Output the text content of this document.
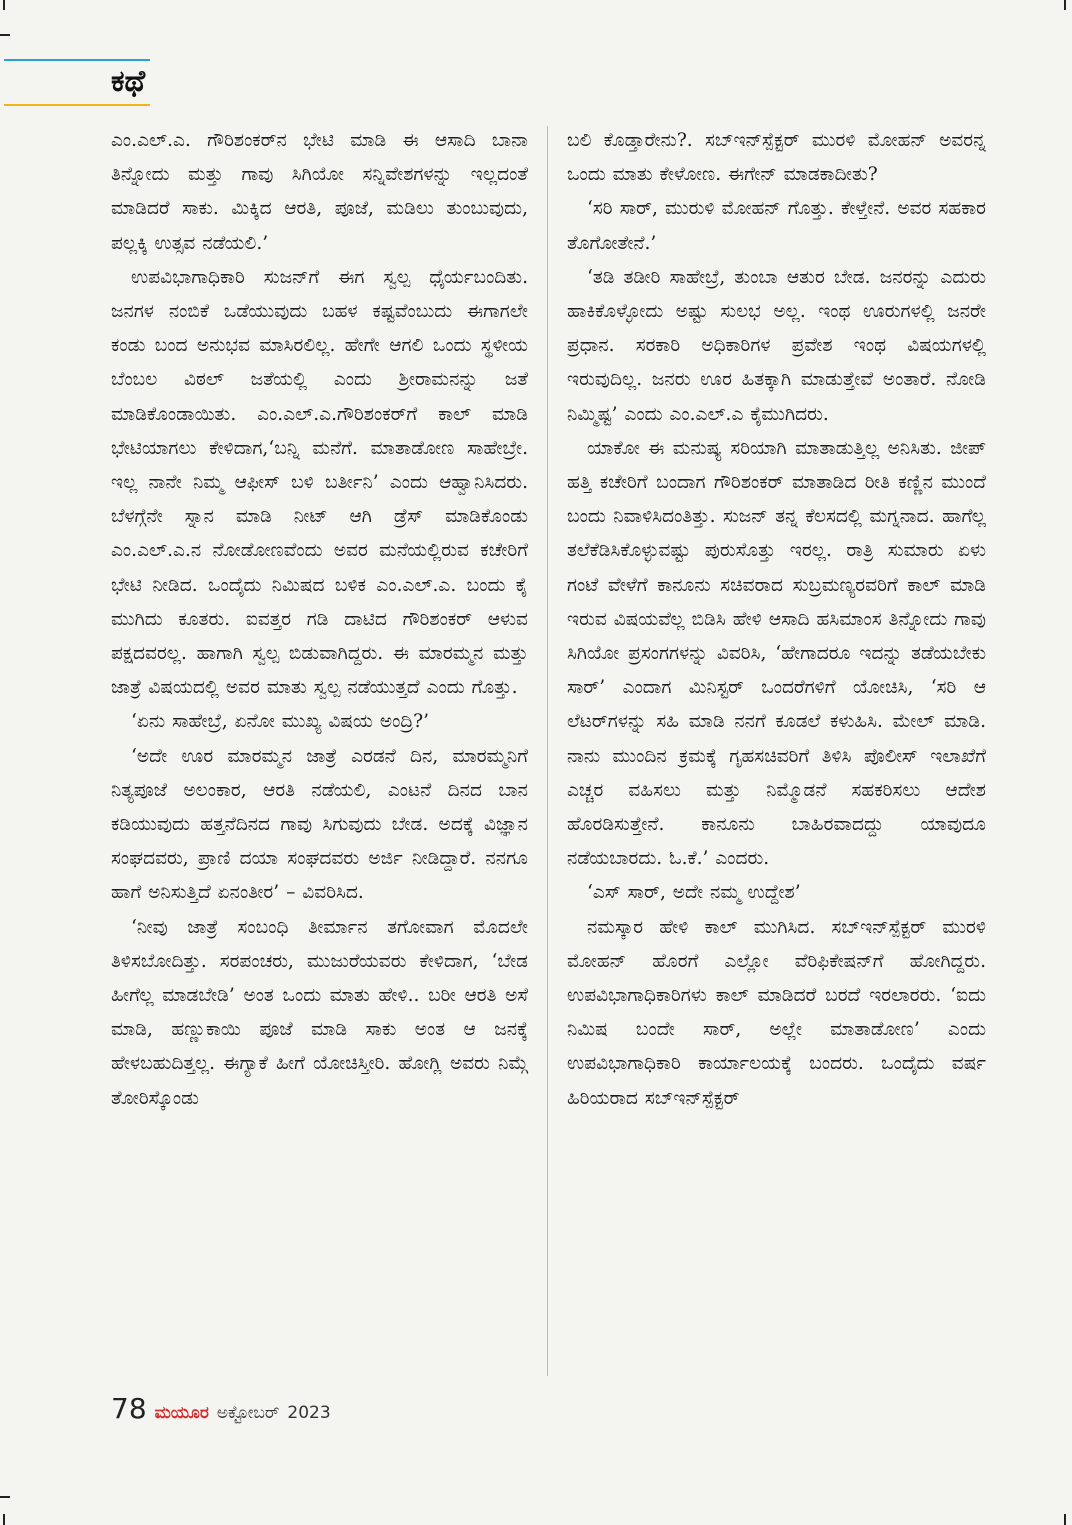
ಕಥೆ

ಎಂ.ಎಲ್.ಎ. ಗೌರಿಶಂಕರ್‌ನ ಭೇಟಿ ಮಾಡಿ ಈ ಆಸಾದಿ ಬಾನಾ ತಿನ್ನೋದು ಮತ್ತು ಗಾವು ಸಿಗಿಯೋ ಸನ್ನಿವೇಶಗಳನ್ನು ಇಲ್ಲದಂತೆ ಮಾಡಿದರೆ ಸಾಕು. ಮಿಕ್ಕಿದ ಆರತಿ, ಪೂಜೆ, ಮಡಿಲು ತುಂಬುವುದು, ಪಲ್ಲಕ್ಕಿ ಉತ್ಸವ ನಡೆಯಲಿ.’

ಉಪವಿಭಾಗಾಧಿಕಾರಿ ಸುಜನ್‌ಗೆ ಈಗ ಸ್ವಲ್ಪ ಧೈರ್ಯಬಂದಿತು. ಜನಗಳ ನಂಬಿಕೆ ಒಡೆಯುವುದು ಬಹಳ ಕಷ್ಟವೆಂಬುದು ಈಗಾಗಲೇ ಕಂಡು ಬಂದ ಅನುಭವ ಮಾಸಿರಲಿಲ್ಲ. ಹೇಗೇ ಆಗಲಿ ಒಂದು ಸ್ಥಳೀಯ ಬೆಂಬಲ ವಿಠಲ್ ಜತೆಯಲ್ಲಿ ಎಂದು ಶ್ರೀರಾಮನನ್ನು ಜತೆ ಮಾಡಿಕೊಂಡಾಯಿತು. ಎಂ.ಎಲ್.ಎ.ಗೌರಿಶಂಕರ್‌ಗೆ ಕಾಲ್ ಮಾಡಿ ಭೇಟಿಯಾಗಲು ಕೇಳಿದಾಗ,‘ಬನ್ನಿ ಮನೆಗೆ. ಮಾತಾಡೋಣ ಸಾಹೇಬ್ರೇ. ಇಲ್ಲ ನಾನೇ ನಿಮ್ಮ ಆಫೀಸ್ ಬಳಿ ಬರ್ತೀನಿ’ ಎಂದು ಆಹ್ವಾನಿಸಿದರು. ಬೆಳಗ್ಗೆನೇ ಸ್ನಾನ ಮಾಡಿ ನೀಟ್ ಆಗಿ ಡ್ರೆಸ್ ಮಾಡಿಕೊಂಡು ಎಂ.ಎಲ್.ಎ.ನ ನೋಡೋಣವೆಂದು ಅವರ ಮನೆಯಲ್ಲಿರುವ ಕಚೇರಿಗೆ ಭೇಟಿ ನೀಡಿದ. ಒಂದೈದು ನಿಮಿಷದ ಬಳಿಕ ಎಂ.ಎಲ್.ಎ. ಬಂದು ಕೈ ಮುಗಿದು ಕೂತರು. ಐವತ್ತರ ಗಡಿ ದಾಟಿದ ಗೌರಿಶಂಕರ್ ಆಳುವ ಪಕ್ಷದವರಲ್ಲ. ಹಾಗಾಗಿ ಸ್ವಲ್ಪ ಬಿಡುವಾಗಿದ್ದರು. ಈ ಮಾರಮ್ಮನ ಮತ್ತು ಜಾತ್ರೆ ವಿಷಯದಲ್ಲಿ ಅವರ ಮಾತು ಸ್ವಲ್ಪ ನಡೆಯುತ್ತದೆ ಎಂದು ಗೊತ್ತು.

‘ಏನು ಸಾಹೇಬ್ರೆ, ಏನೋ ಮುಖ್ಯ ವಿಷಯ ಅಂದ್ರಿ?’

‘ಅದೇ ಊರ ಮಾರಮ್ಮನ ಜಾತ್ರೆ ಎರಡನೆ ದಿನ, ಮಾರಮ್ಮನಿಗೆ ನಿತ್ಯಪೂಜೆ ಅಲಂಕಾರ, ಆರತಿ ನಡೆಯಲಿ, ಎಂಟನೆ ದಿನದ ಬಾನ ಕಡಿಯುವುದು ಹತ್ತನೆದಿನದ ಗಾವು ಸಿಗುವುದು ಬೇಡ. ಅದಕ್ಕೆ ವಿಜ್ಞಾನ ಸಂಘದವರು, ಪ್ರಾಣಿ ದಯಾ ಸಂಘದವರು ಅರ್ಜಿ ನೀಡಿದ್ದಾರೆ. ನನಗೂ ಹಾಗೆ ಅನಿಸುತ್ತಿದೆ ಏನಂತೀರ’ – ವಿವರಿಸಿದ.

‘ನೀವು ಜಾತ್ರೆ ಸಂಬಂಧಿ ತೀರ್ಮಾನ ತಗೋವಾಗ ಮೊದಲೇ ತಿಳಿಸಬೋದಿತ್ತು. ಸರಪಂಚರು, ಮುಜುರೆಯವರು ಕೇಳಿದಾಗ, ‘ಬೇಡ ಹೀಗೆಲ್ಲ ಮಾಡಬೇಡಿ’ ಅಂತ ಒಂದು ಮಾತು ಹೇಳಿ.. ಬರೀ ಆರತಿ ಅಸೆ ಮಾಡಿ, ಹಣ್ಣುಕಾಯಿ ಪೂಜೆ ಮಾಡಿ ಸಾಕು ಅಂತ ಆ ಜನಕ್ಕೆ ಹೇಳಬಹುದಿತ್ತಲ್ಲ. ಈಗ್ಯಾಕೆ ಹೀಗೆ ಯೋಚಿಸ್ತೀರಿ. ಹೋಗ್ಲಿ ಅವರು ನಿಮ್ಗೆ ತೋರಿಸ್ಕೊಂಡು

ಬಲಿ ಕೊಡ್ತಾರೇನು?. ಸಬ್‌ಇನ್‌ಸ್ಪೆಕ್ಟರ್ ಮುರಳಿ ಮೋಹನ್ ಅವರನ್ನ ಒಂದು ಮಾತು ಕೇಳೋಣ. ಈಗೇನ್ ಮಾಡಕಾದೀತು?

‘ಸರಿ ಸಾರ್, ಮುರುಳಿ ಮೋಹನ್ ಗೊತ್ತು. ಕೇಳ್ತೇನೆ. ಅವರ ಸಹಕಾರ ತೊಗೋತೇನೆ.’

‘ತಡಿ ತಡೀರಿ ಸಾಹೇಬ್ರೆ, ತುಂಬಾ ಆತುರ ಬೇಡ. ಜನರನ್ನು ಎದುರು ಹಾಕಿಕೊಳ್ಳೋದು ಅಷ್ಟು ಸುಲಭ ಅಲ್ಲ. ಇಂಥ ಊರುಗಳಲ್ಲಿ ಜನರೇ ಪ್ರಧಾನ. ಸರಕಾರಿ ಅಧಿಕಾರಿಗಳ ಪ್ರವೇಶ ಇಂಥ ವಿಷಯಗಳಲ್ಲಿ ಇರುವುದಿಲ್ಲ. ಜನರು ಊರ ಹಿತಕ್ಕಾಗಿ ಮಾಡುತ್ತೇವೆ ಅಂತಾರೆ. ನೋಡಿ ನಿಮ್ಮಿಷ್ಟ’ ಎಂದು ಎಂ.ಎಲ್.ಎ ಕೈಮುಗಿದರು.

ಯಾಕೋ ಈ ಮನುಷ್ಯ ಸರಿಯಾಗಿ ಮಾತಾಡುತ್ತಿಲ್ಲ ಅನಿಸಿತು. ಜೀಪ್ ಹತ್ತಿ ಕಚೇರಿಗೆ ಬಂದಾಗ ಗೌರಿಶಂಕರ್ ಮಾತಾಡಿದ ರೀತಿ ಕಣ್ಣಿನ ಮುಂದೆ ಬಂದು ನಿವಾಳಿಸಿದಂತಿತ್ತು. ಸುಜನ್ ತನ್ನ ಕೆಲಸದಲ್ಲಿ ಮಗ್ನನಾದ. ಹಾಗೆಲ್ಲ ತಲೆಕೆಡಿಸಿಕೊಳ್ಳುವಷ್ಟು ಪುರುಸೊತ್ತು ಇರಲ್ಲ. ರಾತ್ರಿ ಸುಮಾರು ಏಳು ಗಂಟೆ ವೇಳೆಗೆ ಕಾನೂನು ಸಚಿವರಾದ ಸುಬ್ರಮಣ್ಯರವರಿಗೆ ಕಾಲ್ ಮಾಡಿ ಇರುವ ವಿಷಯವೆಲ್ಲ ಬಿಡಿಸಿ ಹೇಳಿ ಆಸಾದಿ ಹಸಿಮಾಂಸ ತಿನ್ನೋದು ಗಾವು ಸಿಗಿಯೋ ಪ್ರಸಂಗಗಳನ್ನು ವಿವರಿಸಿ, ‘ಹೇಗಾದರೂ ಇದನ್ನು ತಡೆಯಬೇಕು ಸಾರ್’ ಎಂದಾಗ ಮಿನಿಸ್ಟರ್ ಒಂದರೆಗಳಿಗೆ ಯೋಚಿಸಿ, ‘ಸರಿ ಆ ಲೆಟರ್‌ಗಳನ್ನು ಸಹಿ ಮಾಡಿ ನನಗೆ ಕೂಡಲೆ ಕಳುಹಿಸಿ. ಮೇಲ್ ಮಾಡಿ. ನಾನು ಮುಂದಿನ ಕ್ರಮಕ್ಕೆ ಗೃಹಸಚಿವರಿಗೆ ತಿಳಿಸಿ ಪೊಲೀಸ್ ಇಲಾಖೆಗೆ ಎಚ್ಚರ ವಹಿಸಲು ಮತ್ತು ನಿಮ್ಮೊಡನೆ ಸಹಕರಿಸಲು ಆದೇಶ ಹೊರಡಿಸುತ್ತೇನೆ. ಕಾನೂನು ಬಾಹಿರವಾದದ್ದು ಯಾವುದೂ ನಡೆಯಬಾರದು. ಓ.ಕೆ.’ ಎಂದರು.

‘ಎಸ್ ಸಾರ್, ಅದೇ ನಮ್ಮ ಉದ್ದೇಶ’

ನಮಸ್ಕಾರ ಹೇಳಿ ಕಾಲ್ ಮುಗಿಸಿದ. ಸಬ್‌ಇನ್‌ಸ್ಪೆಕ್ಟರ್ ಮುರಳಿ ಮೋಹನ್ ಹೊರಗೆ ಎಲ್ಲೋ ವೆರಿಫಿಕೇಷನ್‌ಗೆ ಹೋಗಿದ್ದರು. ಉಪವಿಭಾಗಾಧಿಕಾರಿಗಳು ಕಾಲ್ ಮಾಡಿದರೆ ಬರದೆ ಇರಲಾರರು. ‘ಐದು ನಿಮಿಷ ಬಂದೇ ಸಾರ್, ಅಲ್ಲೇ ಮಾತಾಡೋಣ’ ಎಂದು ಉಪವಿಭಾಗಾಧಿಕಾರಿ ಕಾರ್ಯಾಲಯಕ್ಕೆ ಬಂದರು. ಒಂದೈದು ವರ್ಷ ಹಿರಿಯರಾದ ಸಬ್‌ಇನ್‌ಸ್ಪೆಕ್ಟರ್

78 ಮಯೂರ ಅಕ್ಟೋಬರ್ 2023
